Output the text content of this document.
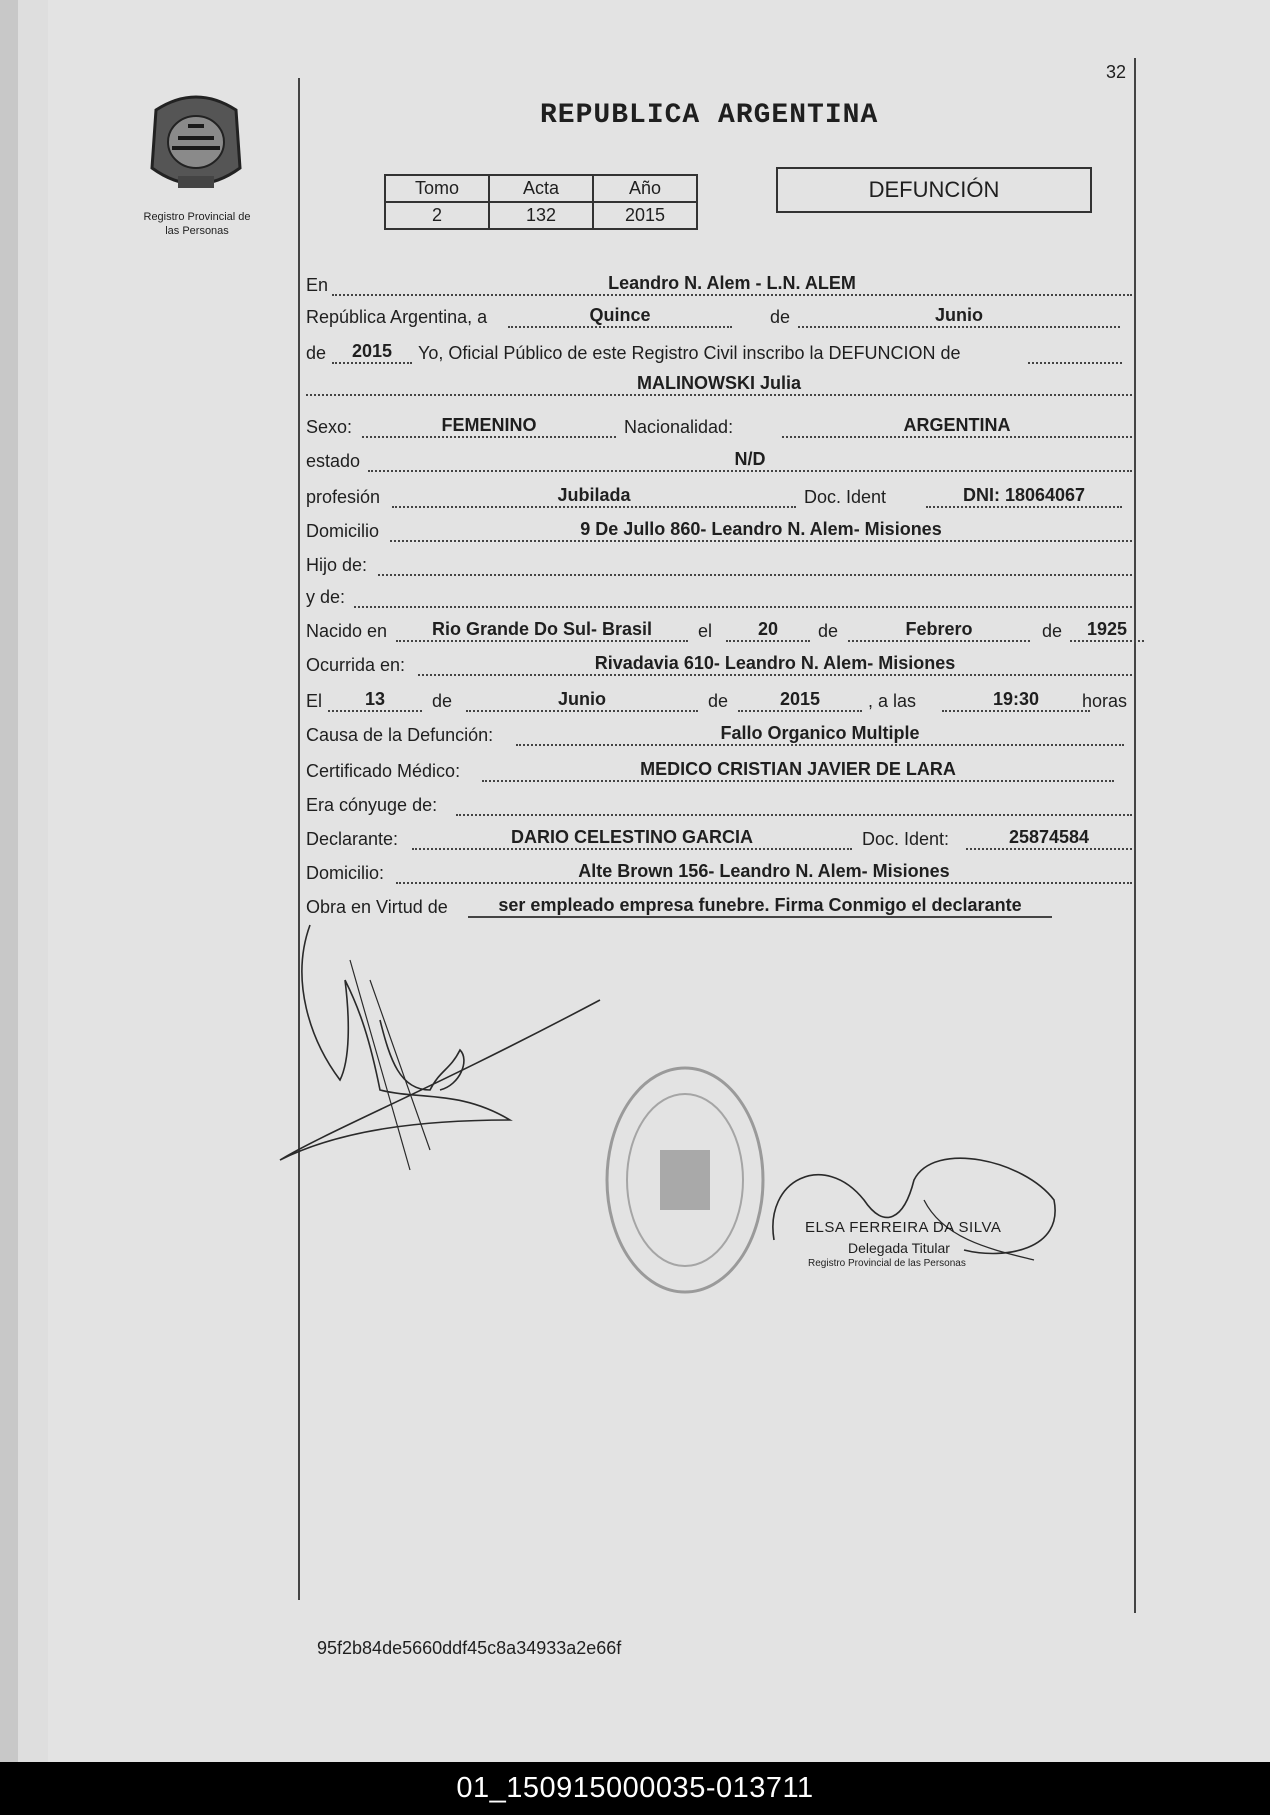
32
Registro Provincial de
las Personas
REPUBLICA ARGENTINA
Tomo	Acta	Año
2	132	2015
DEFUNCIÓN
En	Leandro N. Alem - L.N. ALEM
República Argentina, a	Quince	de	Junio
de	2015	Yo, Oficial Público de este Registro Civil inscribo la DEFUNCION de
MALINOWSKI Julia
Sexo:	FEMENINO	Nacionalidad:	ARGENTINA
estado	N/D
profesión	Jubilada	Doc. Ident	DNI: 18064067
Domicilio	9 De Jullo 860- Leandro N. Alem- Misiones
Hijo de:
y de:
Nacido en	Rio Grande Do Sul- Brasil	el	20	de	Febrero	de	1925
Ocurrida en:	Rivadavia 610- Leandro N. Alem- Misiones
El	13	de	Junio	de	2015	, a las	19:30	horas
Causa de la Defunción:	Fallo Organico Multiple
Certificado Médico:	MEDICO CRISTIAN JAVIER DE LARA
Era cónyuge de:
Declarante:	DARIO CELESTINO GARCIA	Doc. Ident:	25874584
Domicilio:	Alte Brown 156- Leandro N. Alem- Misiones
Obra en Virtud de	ser empleado empresa funebre. Firma Conmigo el declarante
ELSA FERREIRA DA SILVA
Delegada Titular
Registro Provincial de las Personas
95f2b84de5660ddf45c8a34933a2e66f
01_150915000035-013711
